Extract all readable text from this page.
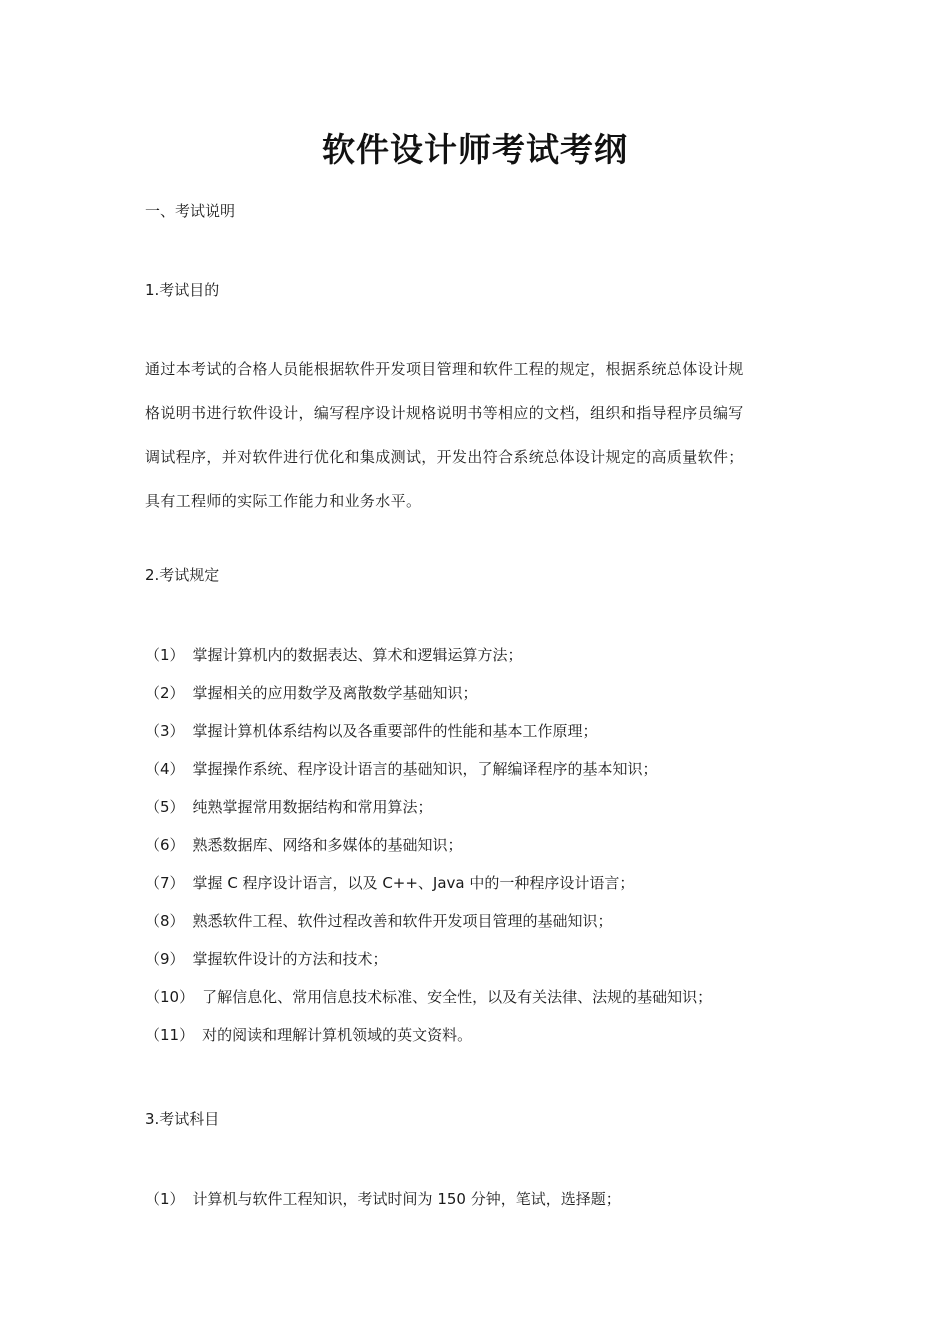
软件设计师考试考纲
一、考试说明
1.考试目的
通过本考试的合格人员能根据软件开发项目管理和软件工程的规定，根据系统总体设计规
格说明书进行软件设计，编写程序设计规格说明书等相应的文档，组织和指导程序员编写
调试程序，并对软件进行优化和集成测试，开发出符合系统总体设计规定的高质量软件；
具有工程师的实际工作能力和业务水平。
2.考试规定
（1） 掌握计算机内的数据表达、算术和逻辑运算方法；
（2） 掌握相关的应用数学及离散数学基础知识；
（3） 掌握计算机体系结构以及各重要部件的性能和基本工作原理；
（4） 掌握操作系统、程序设计语言的基础知识，了解编译程序的基本知识；
（5） 纯熟掌握常用数据结构和常用算法；
（6） 熟悉数据库、网络和多媒体的基础知识；
（7） 掌握 C 程序设计语言，以及 C++、Java 中的一种程序设计语言；
（8） 熟悉软件工程、软件过程改善和软件开发项目管理的基础知识；
（9） 掌握软件设计的方法和技术；
（10） 了解信息化、常用信息技术标准、安全性，以及有关法律、法规的基础知识；
（11） 对的阅读和理解计算机领域的英文资料。
3.考试科目
（1） 计算机与软件工程知识，考试时间为 150 分钟，笔试，选择题；
